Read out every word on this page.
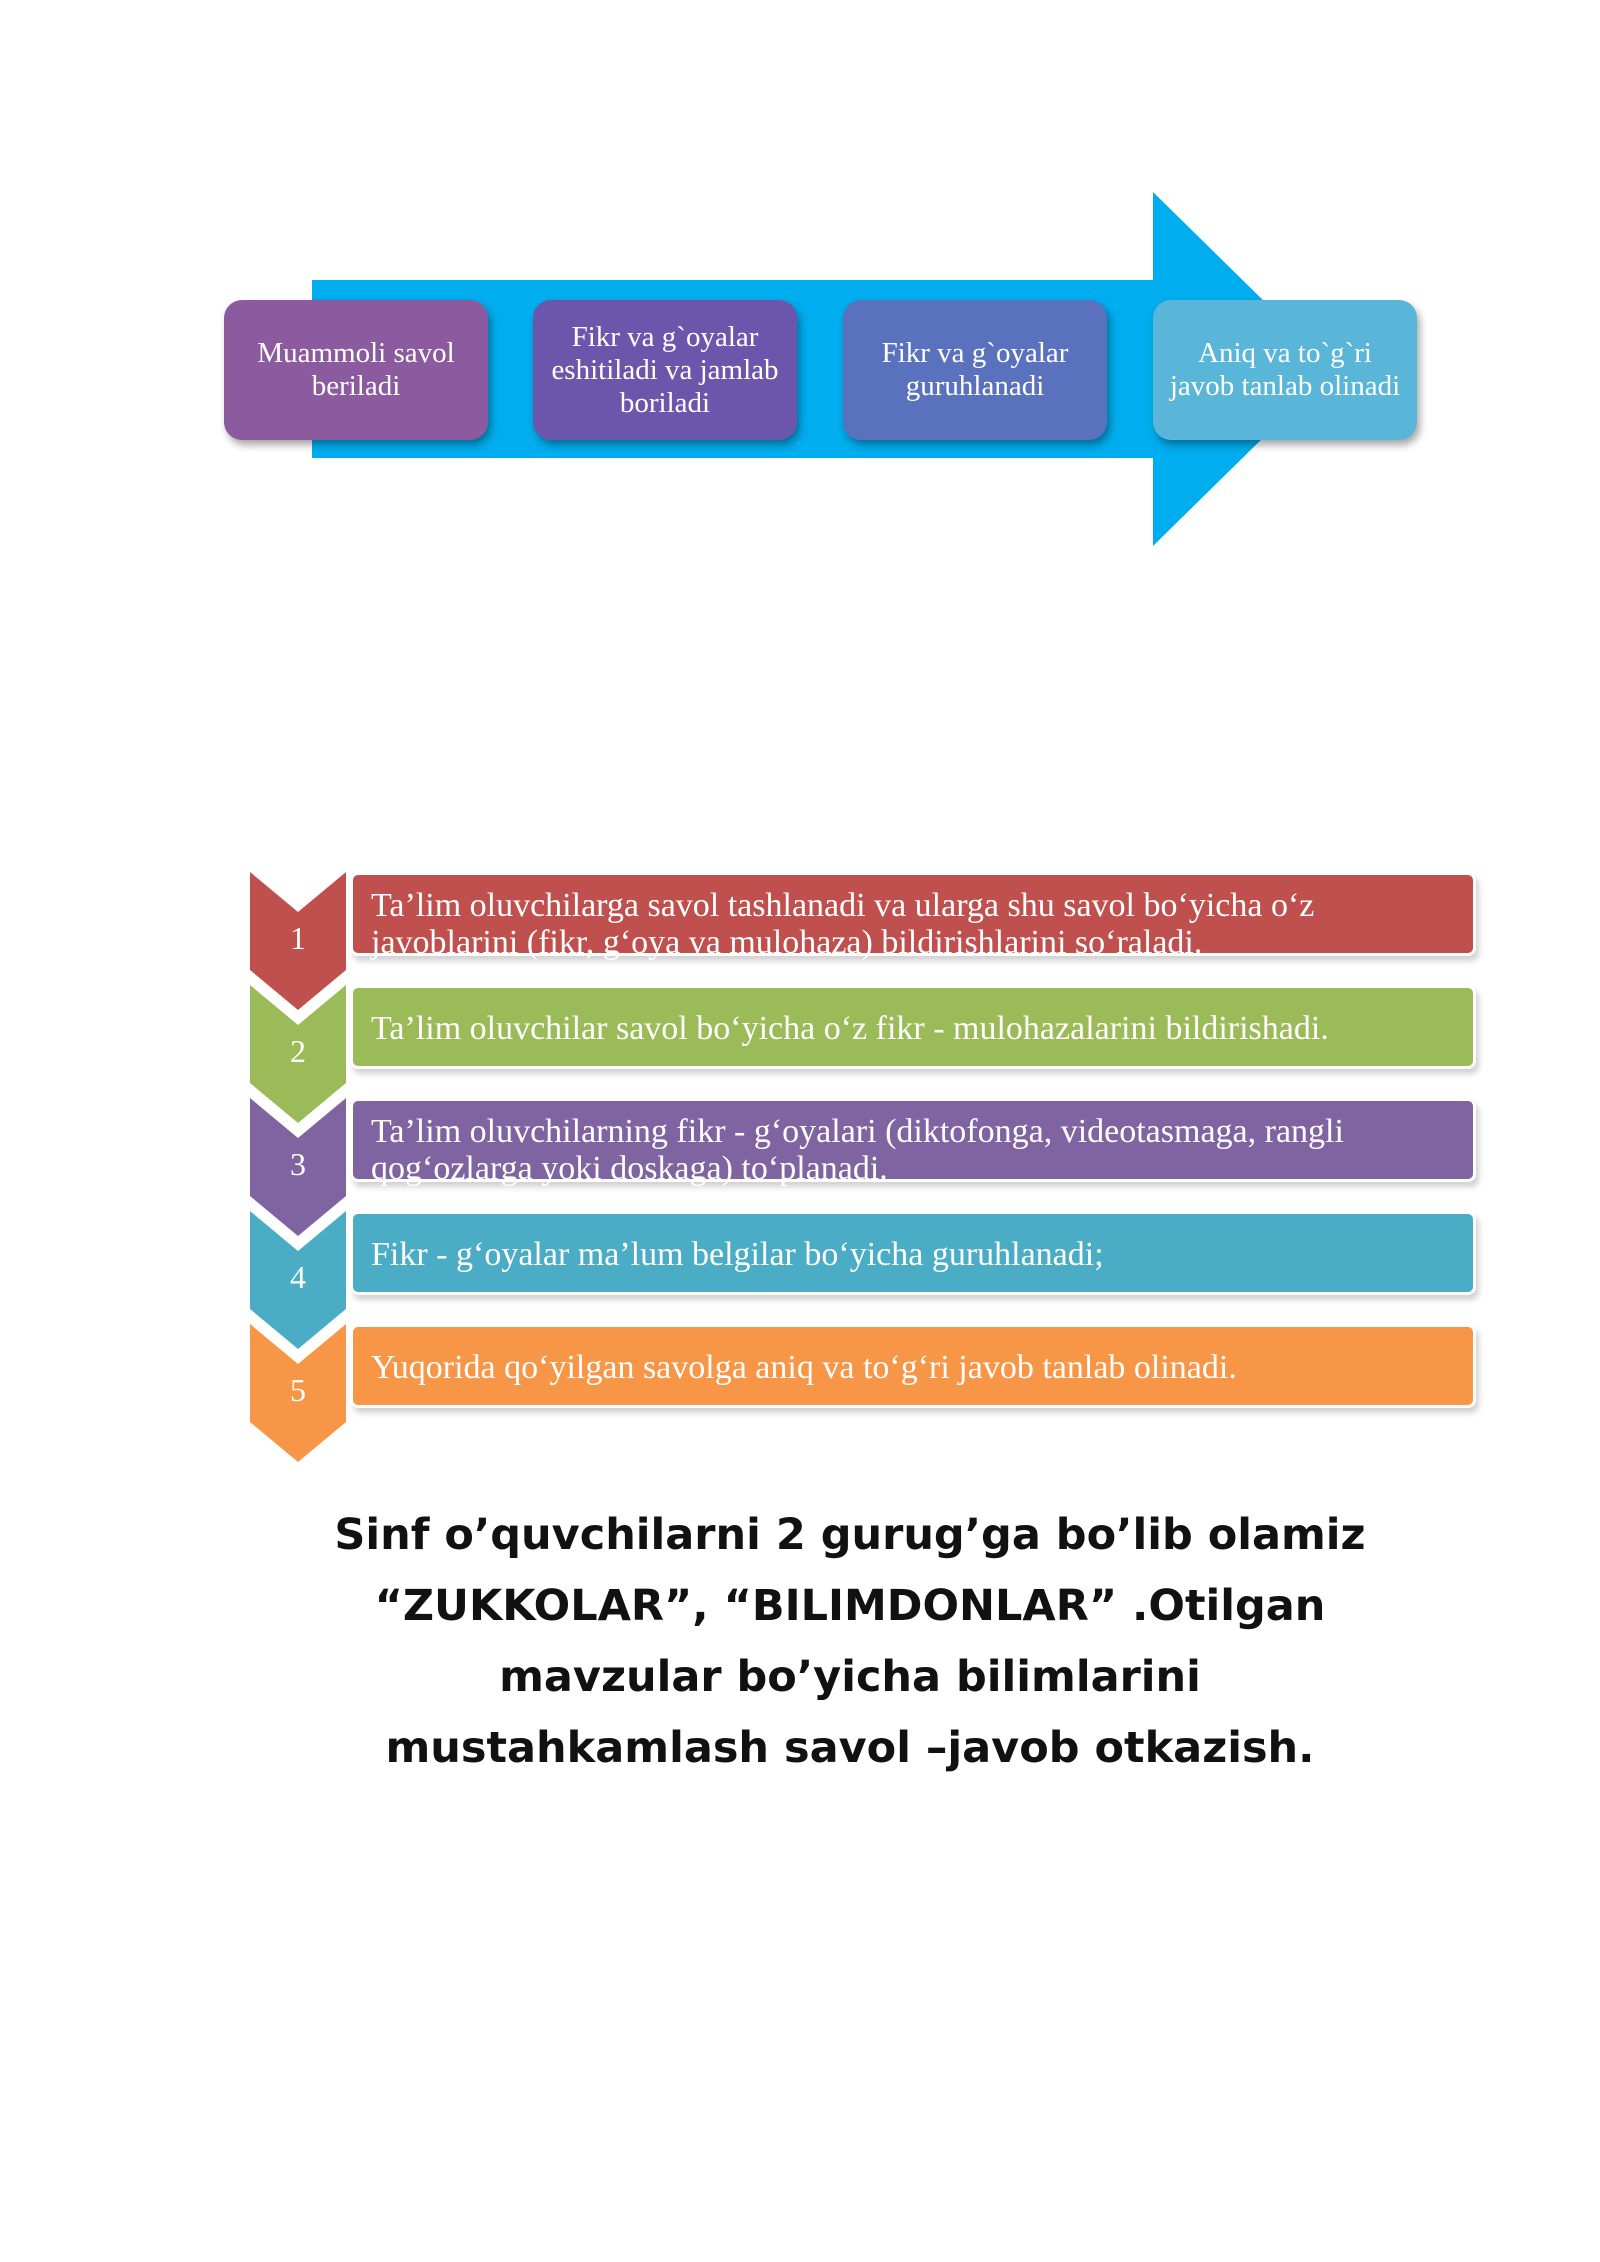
Muammoli savol beriladi
Fikr va g`oyalar eshitiladi va jamlab boriladi
Fikr va g`oyalar guruhlanadi
Aniq va to`g`ri javob tanlab olinadi
1
2
3
4
5
Ta’lim oluvchilarga savol tashlanadi va ularga shu savol bo‘yicha o‘z javoblarini (fikr, g‘oya va mulohaza) bildirishlarini so‘raladi.
Ta’lim oluvchilar savol bo‘yicha o‘z fikr - mulohazalarini bildirishadi.
Ta’lim oluvchilarning fikr - g‘oyalari (diktofonga, videotasmaga, rangli qog‘ozlarga yoki doskaga) to‘planadi.
Fikr - g‘oyalar ma’lum belgilar bo‘yicha guruhlanadi;
Yuqorida qo‘yilgan savolga aniq va to‘g‘ri javob tanlab olinadi.
Sinf o’quvchilarni 2 gurug’ga bo’lib olamiz “ZUKKOLAR”, “BILIMDONLAR” .Otilgan mavzular bo’yicha bilimlarini mustahkamlash savol –javob otkazish.
